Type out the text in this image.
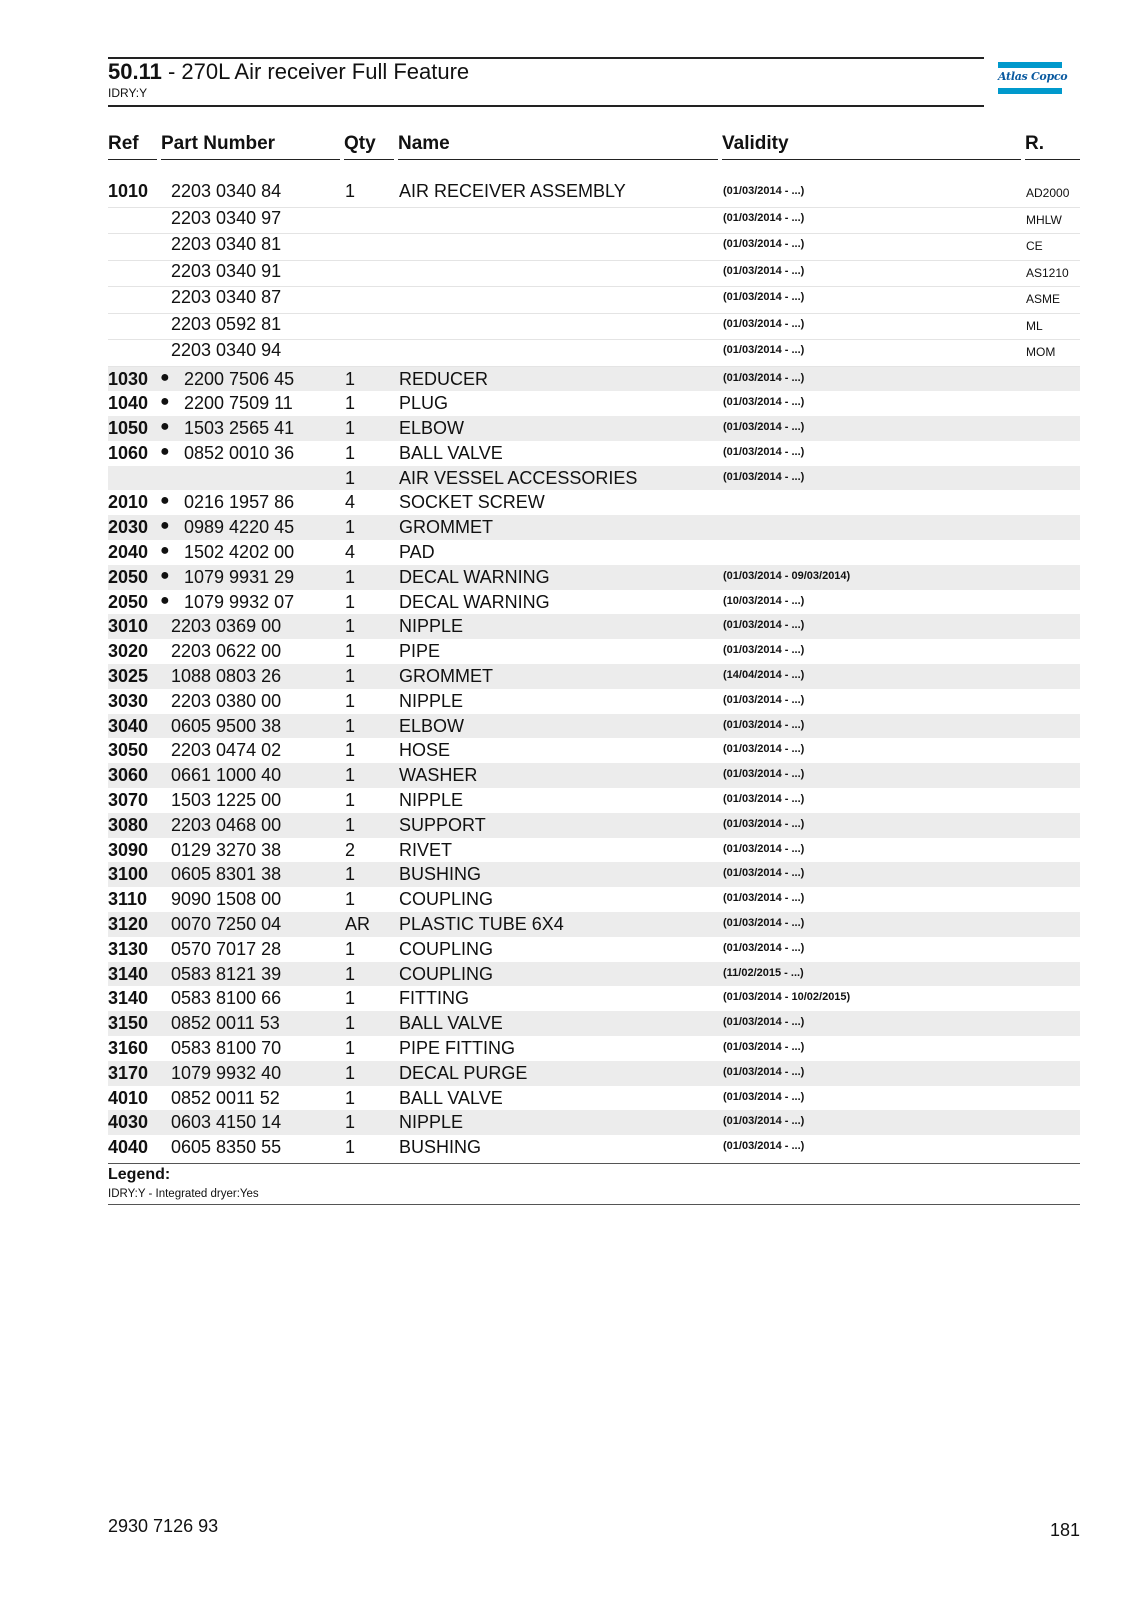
50.11 - 270L Air receiver Full Feature
IDRY:Y
Atlas Copco
Ref Part Number	Qty Name	Validity	R.
1010 2203 0340 84	1 AIR RECEIVER ASSEMBLY	(01/03/2014 - ...)	AD2000
2203 0340 97	(01/03/2014 - ...)	MHLW
2203 0340 81	(01/03/2014 - ...)	CE
2203 0340 91	(01/03/2014 - ...)	AS1210
2203 0340 87	(01/03/2014 - ...)	ASME
2203 0592 81	(01/03/2014 - ...)	ML
2203 0340 94	(01/03/2014 - ...)	MOM
1030 ● 2200 7506 45	1 REDUCER	(01/03/2014 - ...)
1040 ● 2200 7509 11	1 PLUG	(01/03/2014 - ...)
1050 ● 1503 2565 41	1 ELBOW	(01/03/2014 - ...)
1060 ● 0852 0010 36	1 BALL VALVE	(01/03/2014 - ...)
1 AIR VESSEL ACCESSORIES	(01/03/2014 - ...)
2010 ● 0216 1957 86	4 SOCKET SCREW
2030 ● 0989 4220 45	1 GROMMET
2040 ● 1502 4202 00	4 PAD
2050 ● 1079 9931 29	1 DECAL WARNING	(01/03/2014 - 09/03/2014)
2050 ● 1079 9932 07	1 DECAL WARNING	(10/03/2014 - ...)
3010 2203 0369 00	1 NIPPLE	(01/03/2014 - ...)
3020 2203 0622 00	1 PIPE	(01/03/2014 - ...)
3025 1088 0803 26	1 GROMMET	(14/04/2014 - ...)
3030 2203 0380 00	1 NIPPLE	(01/03/2014 - ...)
3040 0605 9500 38	1 ELBOW	(01/03/2014 - ...)
3050 2203 0474 02	1 HOSE	(01/03/2014 - ...)
3060 0661 1000 40	1 WASHER	(01/03/2014 - ...)
3070 1503 1225 00	1 NIPPLE	(01/03/2014 - ...)
3080 2203 0468 00	1 SUPPORT	(01/03/2014 - ...)
3090 0129 3270 38	2 RIVET	(01/03/2014 - ...)
3100 0605 8301 38	1 BUSHING	(01/03/2014 - ...)
3110 9090 1508 00	1 COUPLING	(01/03/2014 - ...)
3120 0070 7250 04	AR PLASTIC TUBE 6X4	(01/03/2014 - ...)
3130 0570 7017 28	1 COUPLING	(01/03/2014 - ...)
3140 0583 8121 39	1 COUPLING	(11/02/2015 - ...)
3140 0583 8100 66	1 FITTING	(01/03/2014 - 10/02/2015)
3150 0852 0011 53	1 BALL VALVE	(01/03/2014 - ...)
3160 0583 8100 70	1 PIPE FITTING	(01/03/2014 - ...)
3170 1079 9932 40	1 DECAL PURGE	(01/03/2014 - ...)
4010 0852 0011 52	1 BALL VALVE	(01/03/2014 - ...)
4030 0603 4150 14	1 NIPPLE	(01/03/2014 - ...)
4040 0605 8350 55	1 BUSHING	(01/03/2014 - ...)
Legend:
IDRY:Y - Integrated dryer:Yes
2930 7126 93	181
